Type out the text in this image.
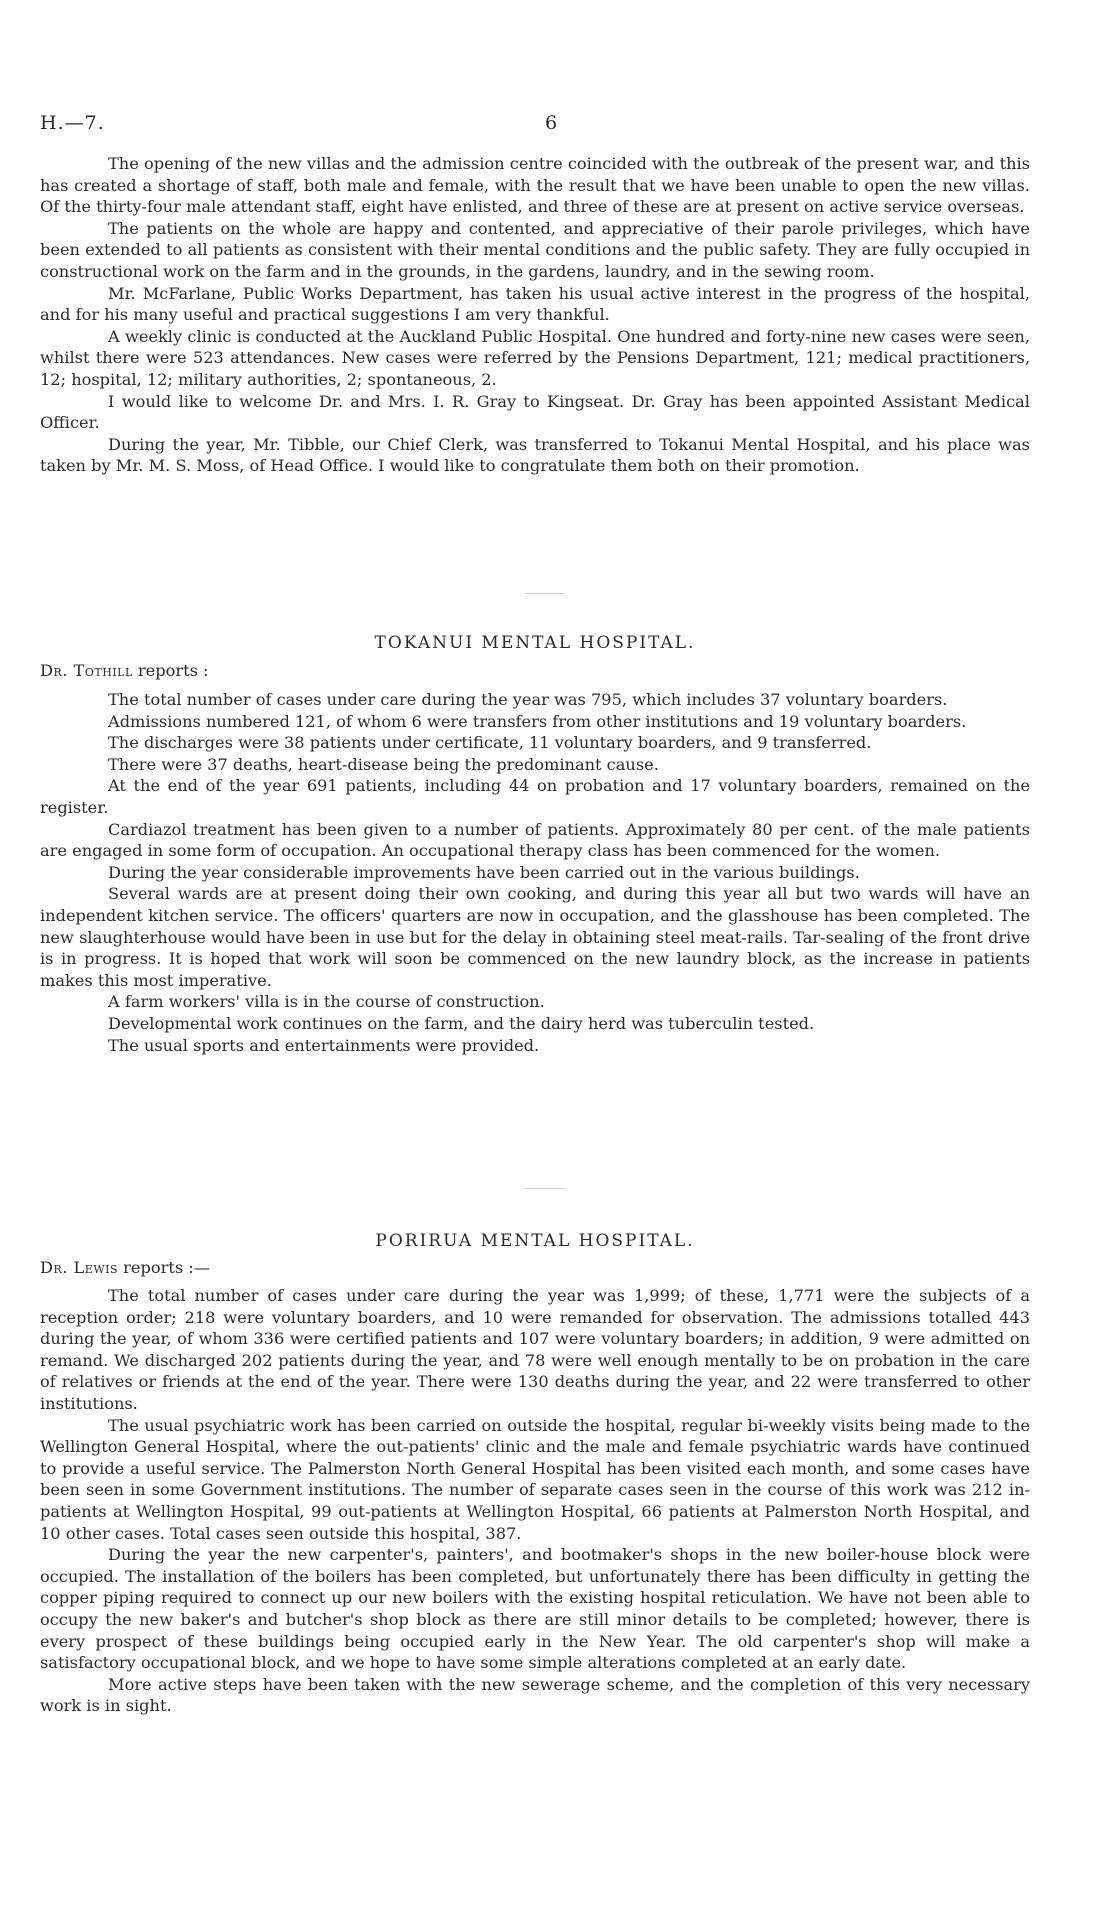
H.—7.	6

The opening of the new villas and the admission centre coincided with the outbreak of the present war, and this has created a shortage of staff, both male and female, with the result that we have been unable to open the new villas. Of the thirty-four male attendant staff, eight have enlisted, and three of these are at present on active service overseas.

The patients on the whole are happy and contented, and appreciative of their parole privileges, which have been extended to all patients as consistent with their mental conditions and the public safety. They are fully occupied in constructional work on the farm and in the grounds, in the gardens, laundry, and in the sewing room.

Mr. McFarlane, Public Works Department, has taken his usual active interest in the progress of the hospital, and for his many useful and practical suggestions I am very thankful.

A weekly clinic is conducted at the Auckland Public Hospital. One hundred and forty-nine new cases were seen, whilst there were 523 attendances. New cases were referred by the Pensions Department, 121; medical practitioners, 12; hospital, 12; military authorities, 2; spontaneous, 2.

I would like to welcome Dr. and Mrs. I. R. Gray to Kingseat. Dr. Gray has been appointed Assistant Medical Officer.

During the year, Mr. Tibble, our Chief Clerk, was transferred to Tokanui Mental Hospital, and his place was taken by Mr. M. S. Moss, of Head Office. I would like to congratulate them both on their promotion.

TOKANUI MENTAL HOSPITAL.
Dr. Tothill reports :

The total number of cases under care during the year was 795, which includes 37 voluntary boarders.

Admissions numbered 121, of whom 6 were transfers from other institutions and 19 voluntary boarders.

The discharges were 38 patients under certificate, 11 voluntary boarders, and 9 transferred.

There were 37 deaths, heart-disease being the predominant cause.

At the end of the year 691 patients, including 44 on probation and 17 voluntary boarders, remained on the register.

Cardiazol treatment has been given to a number of patients. Approximately 80 per cent. of the male patients are engaged in some form of occupation. An occupational therapy class has been commenced for the women.

During the year considerable improvements have been carried out in the various buildings.

Several wards are at present doing their own cooking, and during this year all but two wards will have an independent kitchen service. The officers' quarters are now in occupation, and the glasshouse has been completed. The new slaughterhouse would have been in use but for the delay in obtaining steel meat-rails. Tar-sealing of the front drive is in progress. It is hoped that work will soon be commenced on the new laundry block, as the increase in patients makes this most imperative.

A farm workers' villa is in the course of construction.

Developmental work continues on the farm, and the dairy herd was tuberculin tested.

The usual sports and entertainments were provided.

PORIRUA MENTAL HOSPITAL.
Dr. Lewis reports :—

The total number of cases under care during the year was 1,999; of these, 1,771 were the subjects of a reception order; 218 were voluntary boarders, and 10 were remanded for observation. The admissions totalled 443 during the year, of whom 336 were certified patients and 107 were voluntary boarders; in addition, 9 were admitted on remand. We discharged 202 patients during the year, and 78 were well enough mentally to be on probation in the care of relatives or friends at the end of the year. There were 130 deaths during the year, and 22 were transferred to other institutions.

The usual psychiatric work has been carried on outside the hospital, regular bi-weekly visits being made to the Wellington General Hospital, where the out-patients' clinic and the male and female psychiatric wards have continued to provide a useful service. The Palmerston North General Hospital has been visited each month, and some cases have been seen in some Government institutions. The number of separate cases seen in the course of this work was 212 in-patients at Wellington Hospital, 99 out-patients at Wellington Hospital, 66 patients at Palmerston North Hospital, and 10 other cases. Total cases seen outside this hospital, 387.

During the year the new carpenter's, painters', and bootmaker's shops in the new boiler-house block were occupied. The installation of the boilers has been completed, but unfortunately there has been difficulty in getting the copper piping required to connect up our new boilers with the existing hospital reticulation. We have not been able to occupy the new baker's and butcher's shop block as there are still minor details to be completed; however, there is every prospect of these buildings being occupied early in the New Year. The old carpenter's shop will make a satisfactory occupational block, and we hope to have some simple alterations completed at an early date.

More active steps have been taken with the new sewerage scheme, and the completion of this very necessary work is in sight.
